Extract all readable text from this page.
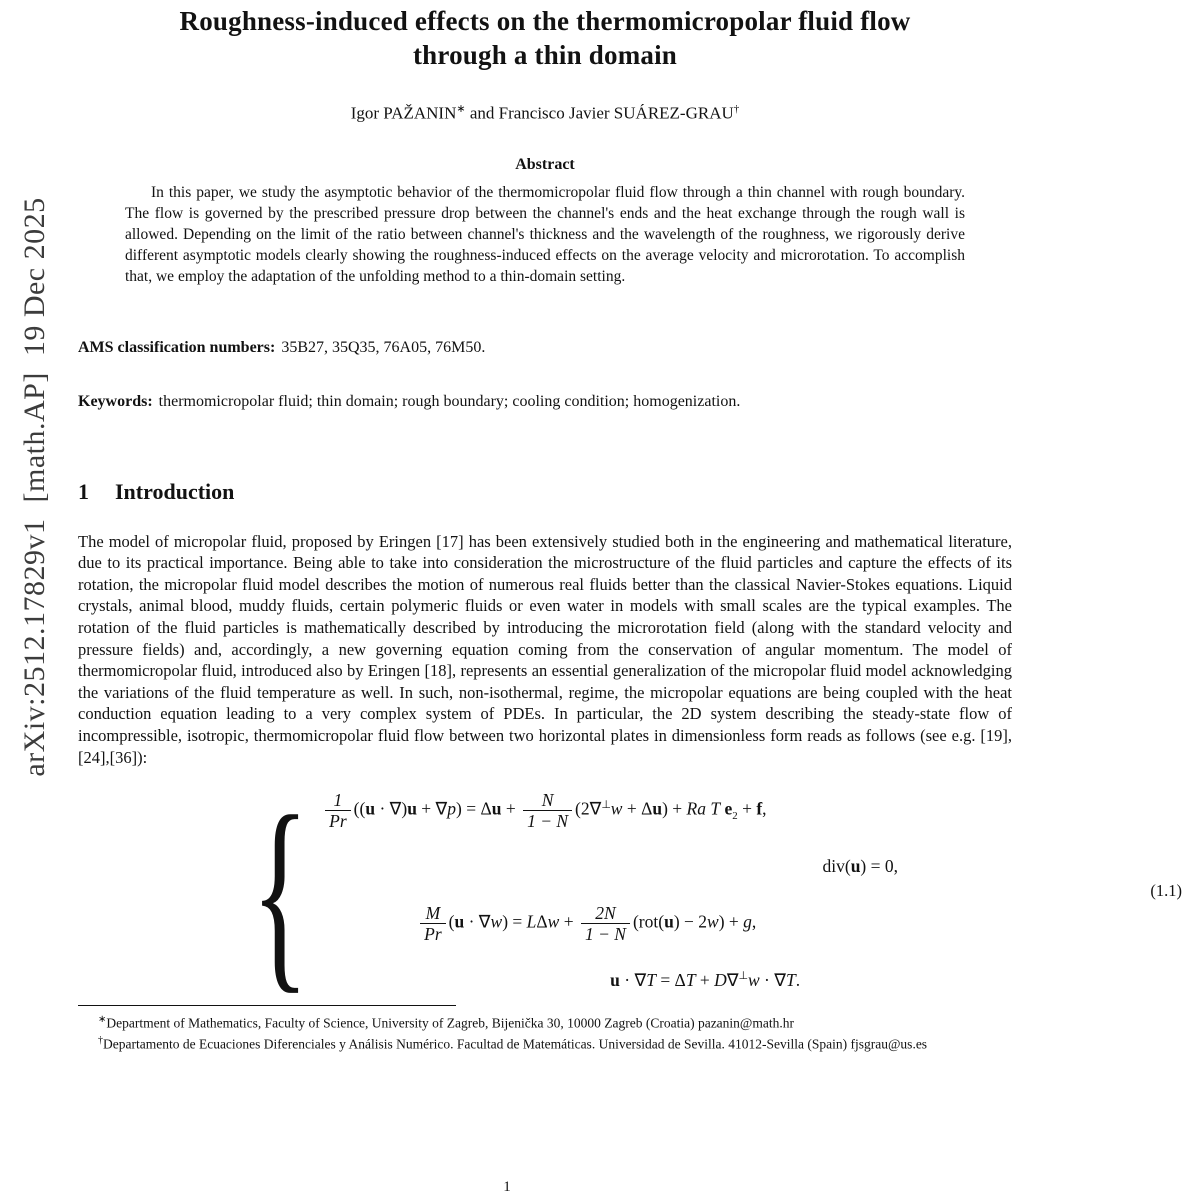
arXiv:2512.17829v1  [math.AP]  19 Dec 2025
Roughness-induced effects on the thermomicropolar fluid flow
through a thin domain
Igor PAŽANIN∗ and Francisco Javier SUÁREZ-GRAU†
Abstract

In this paper, we study the asymptotic behavior of the thermomicropolar fluid flow through a thin channel with rough boundary. The flow is governed by the prescribed pressure drop between the channel's ends and the heat exchange through the rough wall is allowed. Depending on the limit of the ratio between channel's thickness and the wavelength of the roughness, we rigorously derive different asymptotic models clearly showing the roughness-induced effects on the average velocity and microrotation. To accomplish that, we employ the adaptation of the unfolding method to a thin-domain setting.

AMS classification numbers: 35B27, 35Q35, 76A05, 76M50.

Keywords: thermomicropolar fluid; thin domain; rough boundary; cooling condition; homogenization.

1 Introduction

The model of micropolar fluid, proposed by Eringen [17] has been extensively studied both in the engineering and mathematical literature, due to its practical importance. Being able to take into consideration the microstructure of the fluid particles and capture the effects of its rotation, the micropolar fluid model describes the motion of numerous real fluids better than the classical Navier-Stokes equations. Liquid crystals, animal blood, muddy fluids, certain polymeric fluids or even water in models with small scales are the typical examples. The rotation of the fluid particles is mathematically described by introducing the microrotation field (along with the standard velocity and pressure fields) and, accordingly, a new governing equation coming from the conservation of angular momentum. The model of thermomicropolar fluid, introduced also by Eringen [18], represents an essential generalization of the micropolar fluid model acknowledging the variations of the fluid temperature as well. In such, non-isothermal, regime, the micropolar equations are being coupled with the heat conduction equation leading to a very complex system of PDEs. In particular, the 2D system describing the steady-state flow of incompressible, isotropic, thermomicropolar fluid flow between two horizontal plates in dimensionless form reads as follows (see e.g. [19], [24],[36]):

{ $\frac{1}{Pr} ((u \cdot \nabla)u + \nabla p) = \Delta u + \frac{N}{1 - N} (2\nabla^\perp w + \Delta u) + Ra$ T $e_2 + f$,
div(u) = 0,
$\frac{M}{Pr} (u \cdot \nabla w) = L\Delta w + \frac{2N}{1 - N} (rot(u) - 2w) + g$,
u · ∇T = ΔT + D∇⊥w · ∇T.
(1.1)

∗Department of Mathematics, Faculty of Science, University of Zagreb, Bijenička 30, 10000 Zagreb (Croatia) pazanin@math.hr

†Departamento de Ecuaciones Diferenciales y Análisis Numérico. Facultad de Matemáticas. Universidad de Sevilla. 41012-Sevilla (Spain) fjsgrau@us.es

1
